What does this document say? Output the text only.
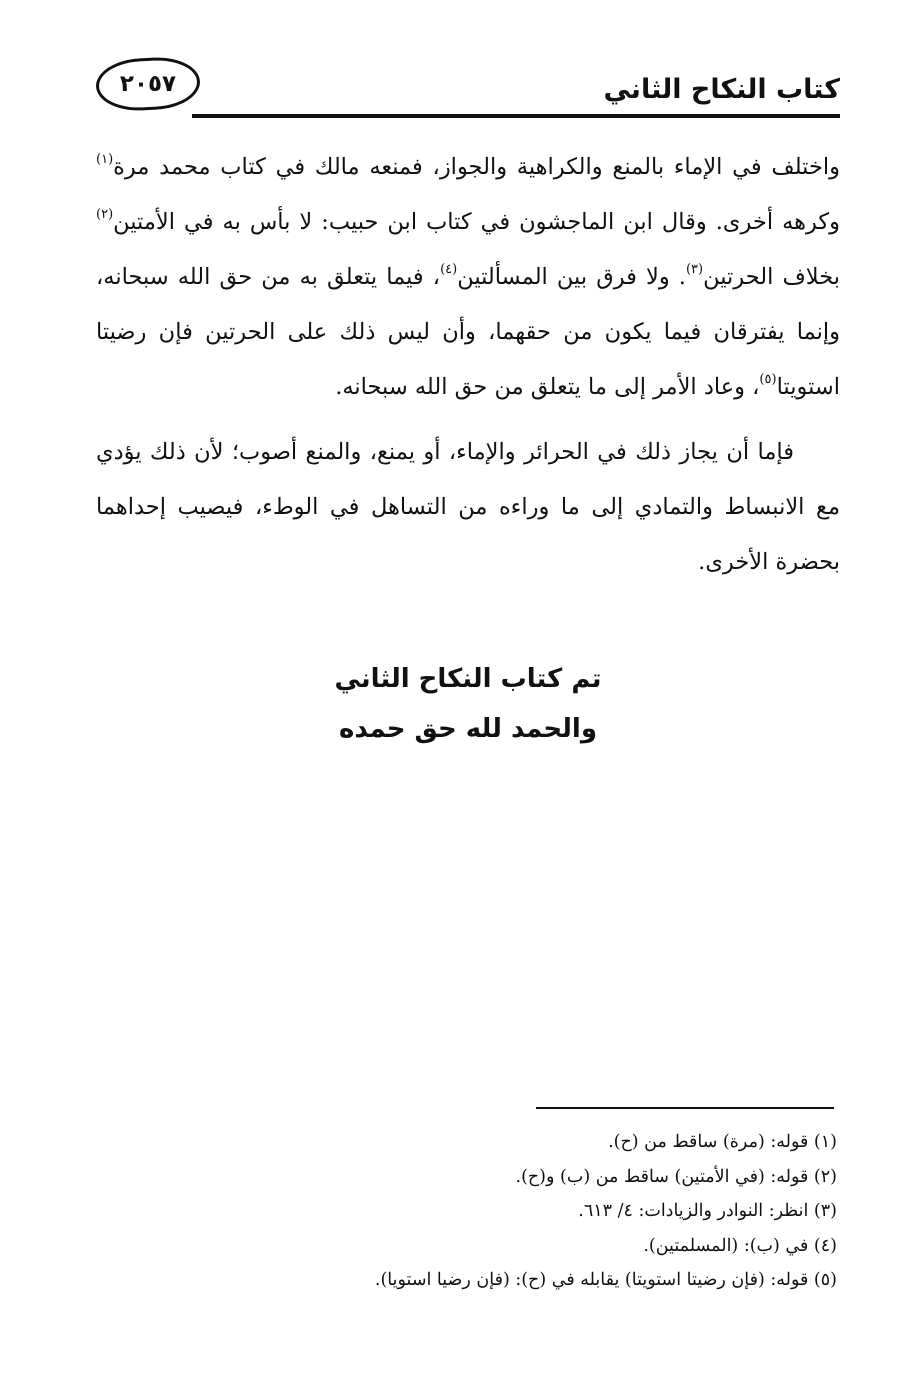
كتاب النكاح الثاني
٢٠٥٧

واختلف في الإماء بالمنع والكراهية والجواز، فمنعه مالك في كتاب محمد مرة$^{(١)}$ وكرهه أخرى. وقال ابن الماجشون في كتاب ابن حبيب: لا بأس به في الأمتين$^{(٢)}$ بخلاف الحرتين$^{(٣)}$. ولا فرق بين المسألتين$^{(٤)}$، فيما يتعلق به من حق الله سبحانه، وإنما يفترقان فيما يكون من حقهما، وأن ليس ذلك على الحرتين فإن رضيتا استويتا$^{(٥)}$، وعاد الأمر إلى ما يتعلق من حق الله سبحانه.

فإما أن يجاز ذلك في الحرائر والإماء، أو يمنع، والمنع أصوب؛ لأن ذلك يؤدي مع الانبساط والتمادي إلى ما وراءه من التساهل في الوطء، فيصيب إحداهما بحضرة الأخرى.

تم كتاب النكاح الثاني
والحمد لله حق حمده
(١) قوله: (مرة) ساقط من (ح).
(٢) قوله: (في الأمتين) ساقط من (ب) و(ح).
(٣) انظر: النوادر والزيادات: ٤/ ٦١٣.
(٤) في (ب): (المسلمتين).
(٥) قوله: (فإن رضيتا استويتا) يقابله في (ح): (فإن رضيا استويا).
